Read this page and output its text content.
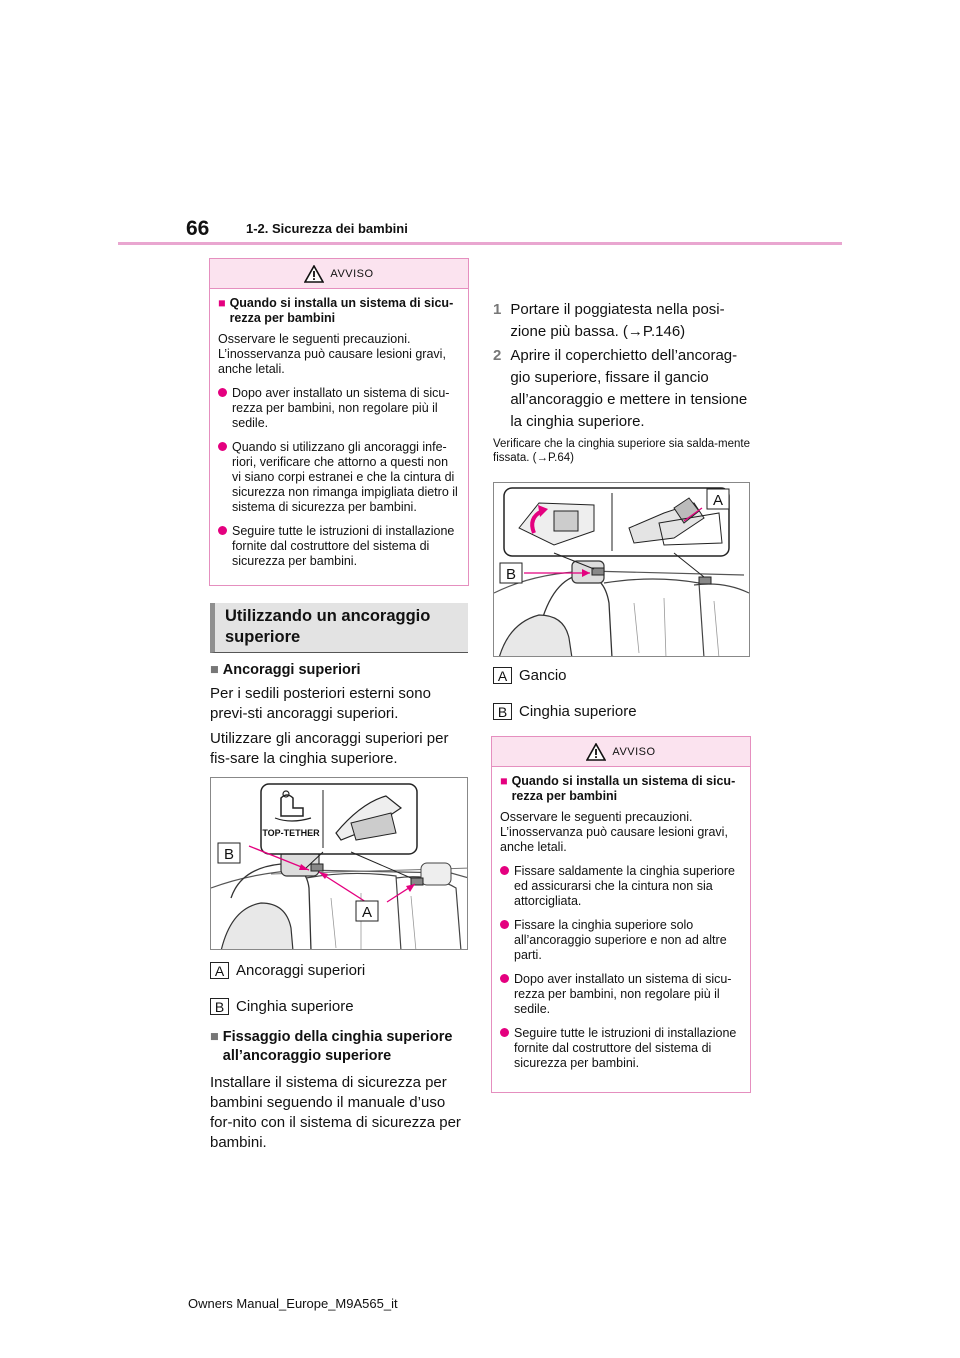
66	1-2. Sicurezza dei bambini
AVVISO
■ Quando si installa un sistema di sicu-rezza per bambini
Osservare le seguenti precauzioni. L’inosservanza può causare lesioni gravi, anche letali.
Dopo aver installato un sistema di sicu-rezza per bambini, non regolare più il sedile.
Quando si utilizzano gli ancoraggi infe-riori, verificare che attorno a questi non vi siano corpi estranei e che la cintura di sicurezza non rimanga impigliata dietro il sistema di sicurezza per bambini.
Seguire tutte le istruzioni di installazione fornite dal costruttore del sistema di sicurezza per bambini.
Utilizzando un ancoraggio
superiore
■ Ancoraggi superiori
Per i sedili posteriori esterni sono previ-sti ancoraggi superiori.
Utilizzare gli ancoraggi superiori per fis-sare la cinghia superiore.
TOP-TETHER
B
A
A Ancoraggi superiori
B Cinghia superiore
■ Fissaggio della cinghia superiore
all’ancoraggio superiore
Installare il sistema di sicurezza per bambini seguendo il manuale d’uso for-nito con il sistema di sicurezza per bambini.
1 Portare il poggiatesta nella posi-zione più bassa. (→P.146)
2 Aprire il coperchietto dell’ancorag-gio superiore, fissare il gancio all’ancoraggio e mettere in tensione la cinghia superiore.
Verificare che la cinghia superiore sia salda-mente fissata. (→P.64)
A
B
A Gancio
B Cinghia superiore
AVVISO
■ Quando si installa un sistema di sicu-rezza per bambini
Osservare le seguenti precauzioni. L’inosservanza può causare lesioni gravi, anche letali.
Fissare saldamente la cinghia superiore ed assicurarsi che la cintura non sia attorcigliata.
Fissare la cinghia superiore solo all’ancoraggio superiore e non ad altre parti.
Dopo aver installato un sistema di sicu-rezza per bambini, non regolare più il sedile.
Seguire tutte le istruzioni di installazione fornite dal costruttore del sistema di sicurezza per bambini.
Owners Manual_Europe_M9A565_it
